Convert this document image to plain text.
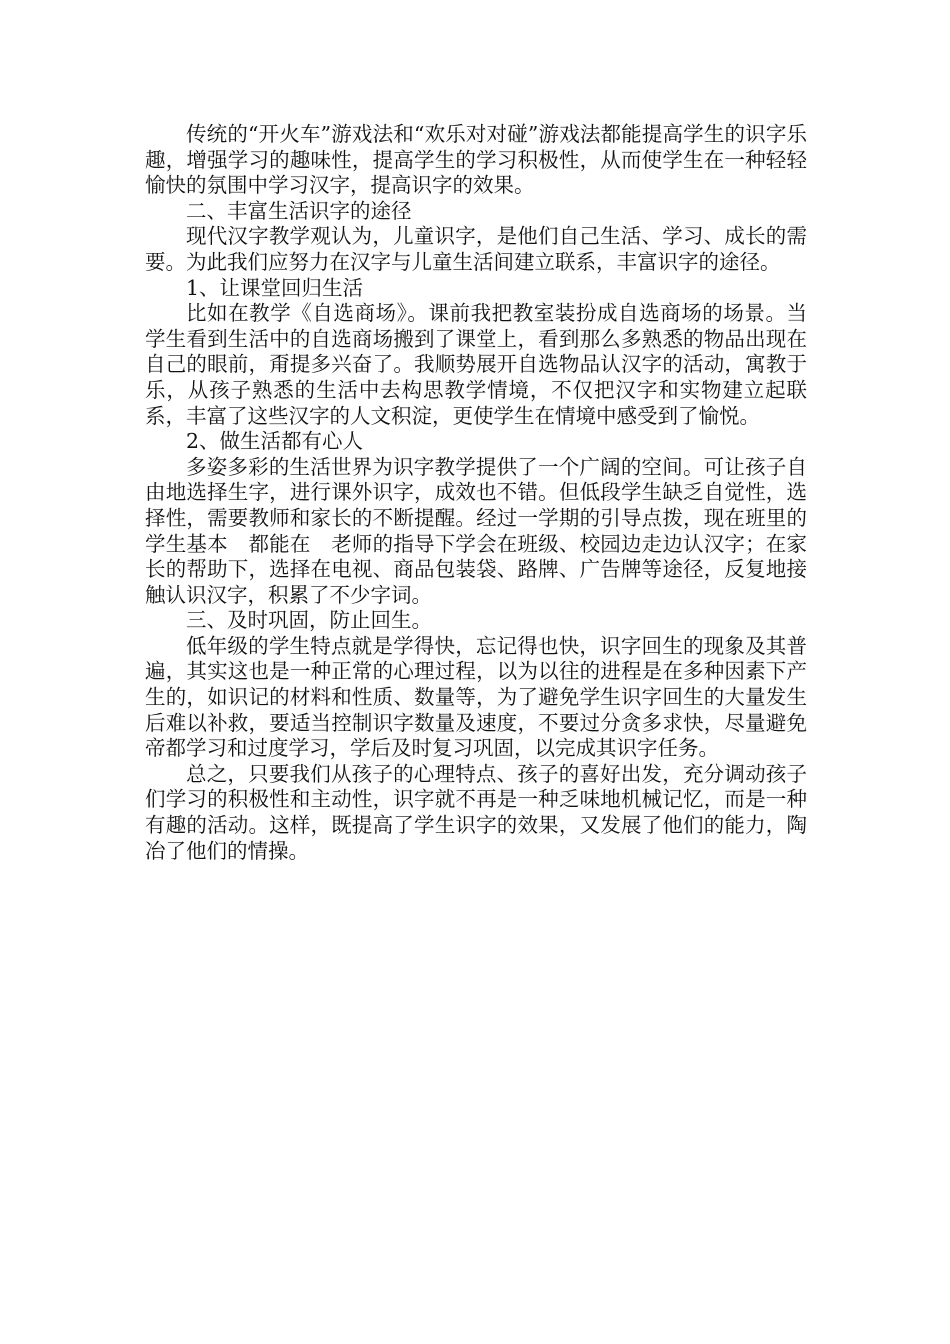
传统的“开火车”游戏法和“欢乐对对碰”游戏法都能提高学生的识字乐趣，增强学习的趣味性，提高学生的学习积极性，从而使学生在一种轻轻愉快的氛围中学习汉字，提高识字的效果。

二、丰富生活识字的途径

现代汉字教学观认为，儿童识字，是他们自己生活、学习、成长的需要。为此我们应努力在汉字与儿童生活间建立联系，丰富识字的途径。

1、让课堂回归生活

比如在教学《自选商场》。课前我把教室装扮成自选商场的场景。当学生看到生活中的自选商场搬到了课堂上，看到那么多熟悉的物品出现在自己的眼前，甭提多兴奋了。我顺势展开自选物品认汉字的活动，寓教于乐，从孩子熟悉的生活中去构思教学情境，不仅把汉字和实物建立起联系，丰富了这些汉字的人文积淀，更使学生在情境中感受到了愉悦。

2、做生活都有心人

多姿多彩的生活世界为识字教学提供了一个广阔的空间。可让孩子自由地选择生字，进行课外识字，成效也不错。但低段学生缺乏自觉性，选择性，需要教师和家长的不断提醒。经过一学期的引导点拨，现在班里的学生基本　都能在　老师的指导下学会在班级、校园边走边认汉字；在家长的帮助下，选择在电视、商品包装袋、路牌、广告牌等途径，反复地接触认识汉字，积累了不少字词。

三、及时巩固，防止回生。

低年级的学生特点就是学得快，忘记得也快，识字回生的现象及其普遍，其实这也是一种正常的心理过程，以为以往的进程是在多种因素下产生的，如识记的材料和性质、数量等，为了避免学生识字回生的大量发生后难以补救，要适当控制识字数量及速度，不要过分贪多求快，尽量避免帝都学习和过度学习，学后及时复习巩固，以完成其识字任务。

总之，只要我们从孩子的心理特点、孩子的喜好出发，充分调动孩子们学习的积极性和主动性，识字就不再是一种乏味地机械记忆，而是一种有趣的活动。这样，既提高了学生识字的效果，又发展了他们的能力，陶冶了他们的情操。
